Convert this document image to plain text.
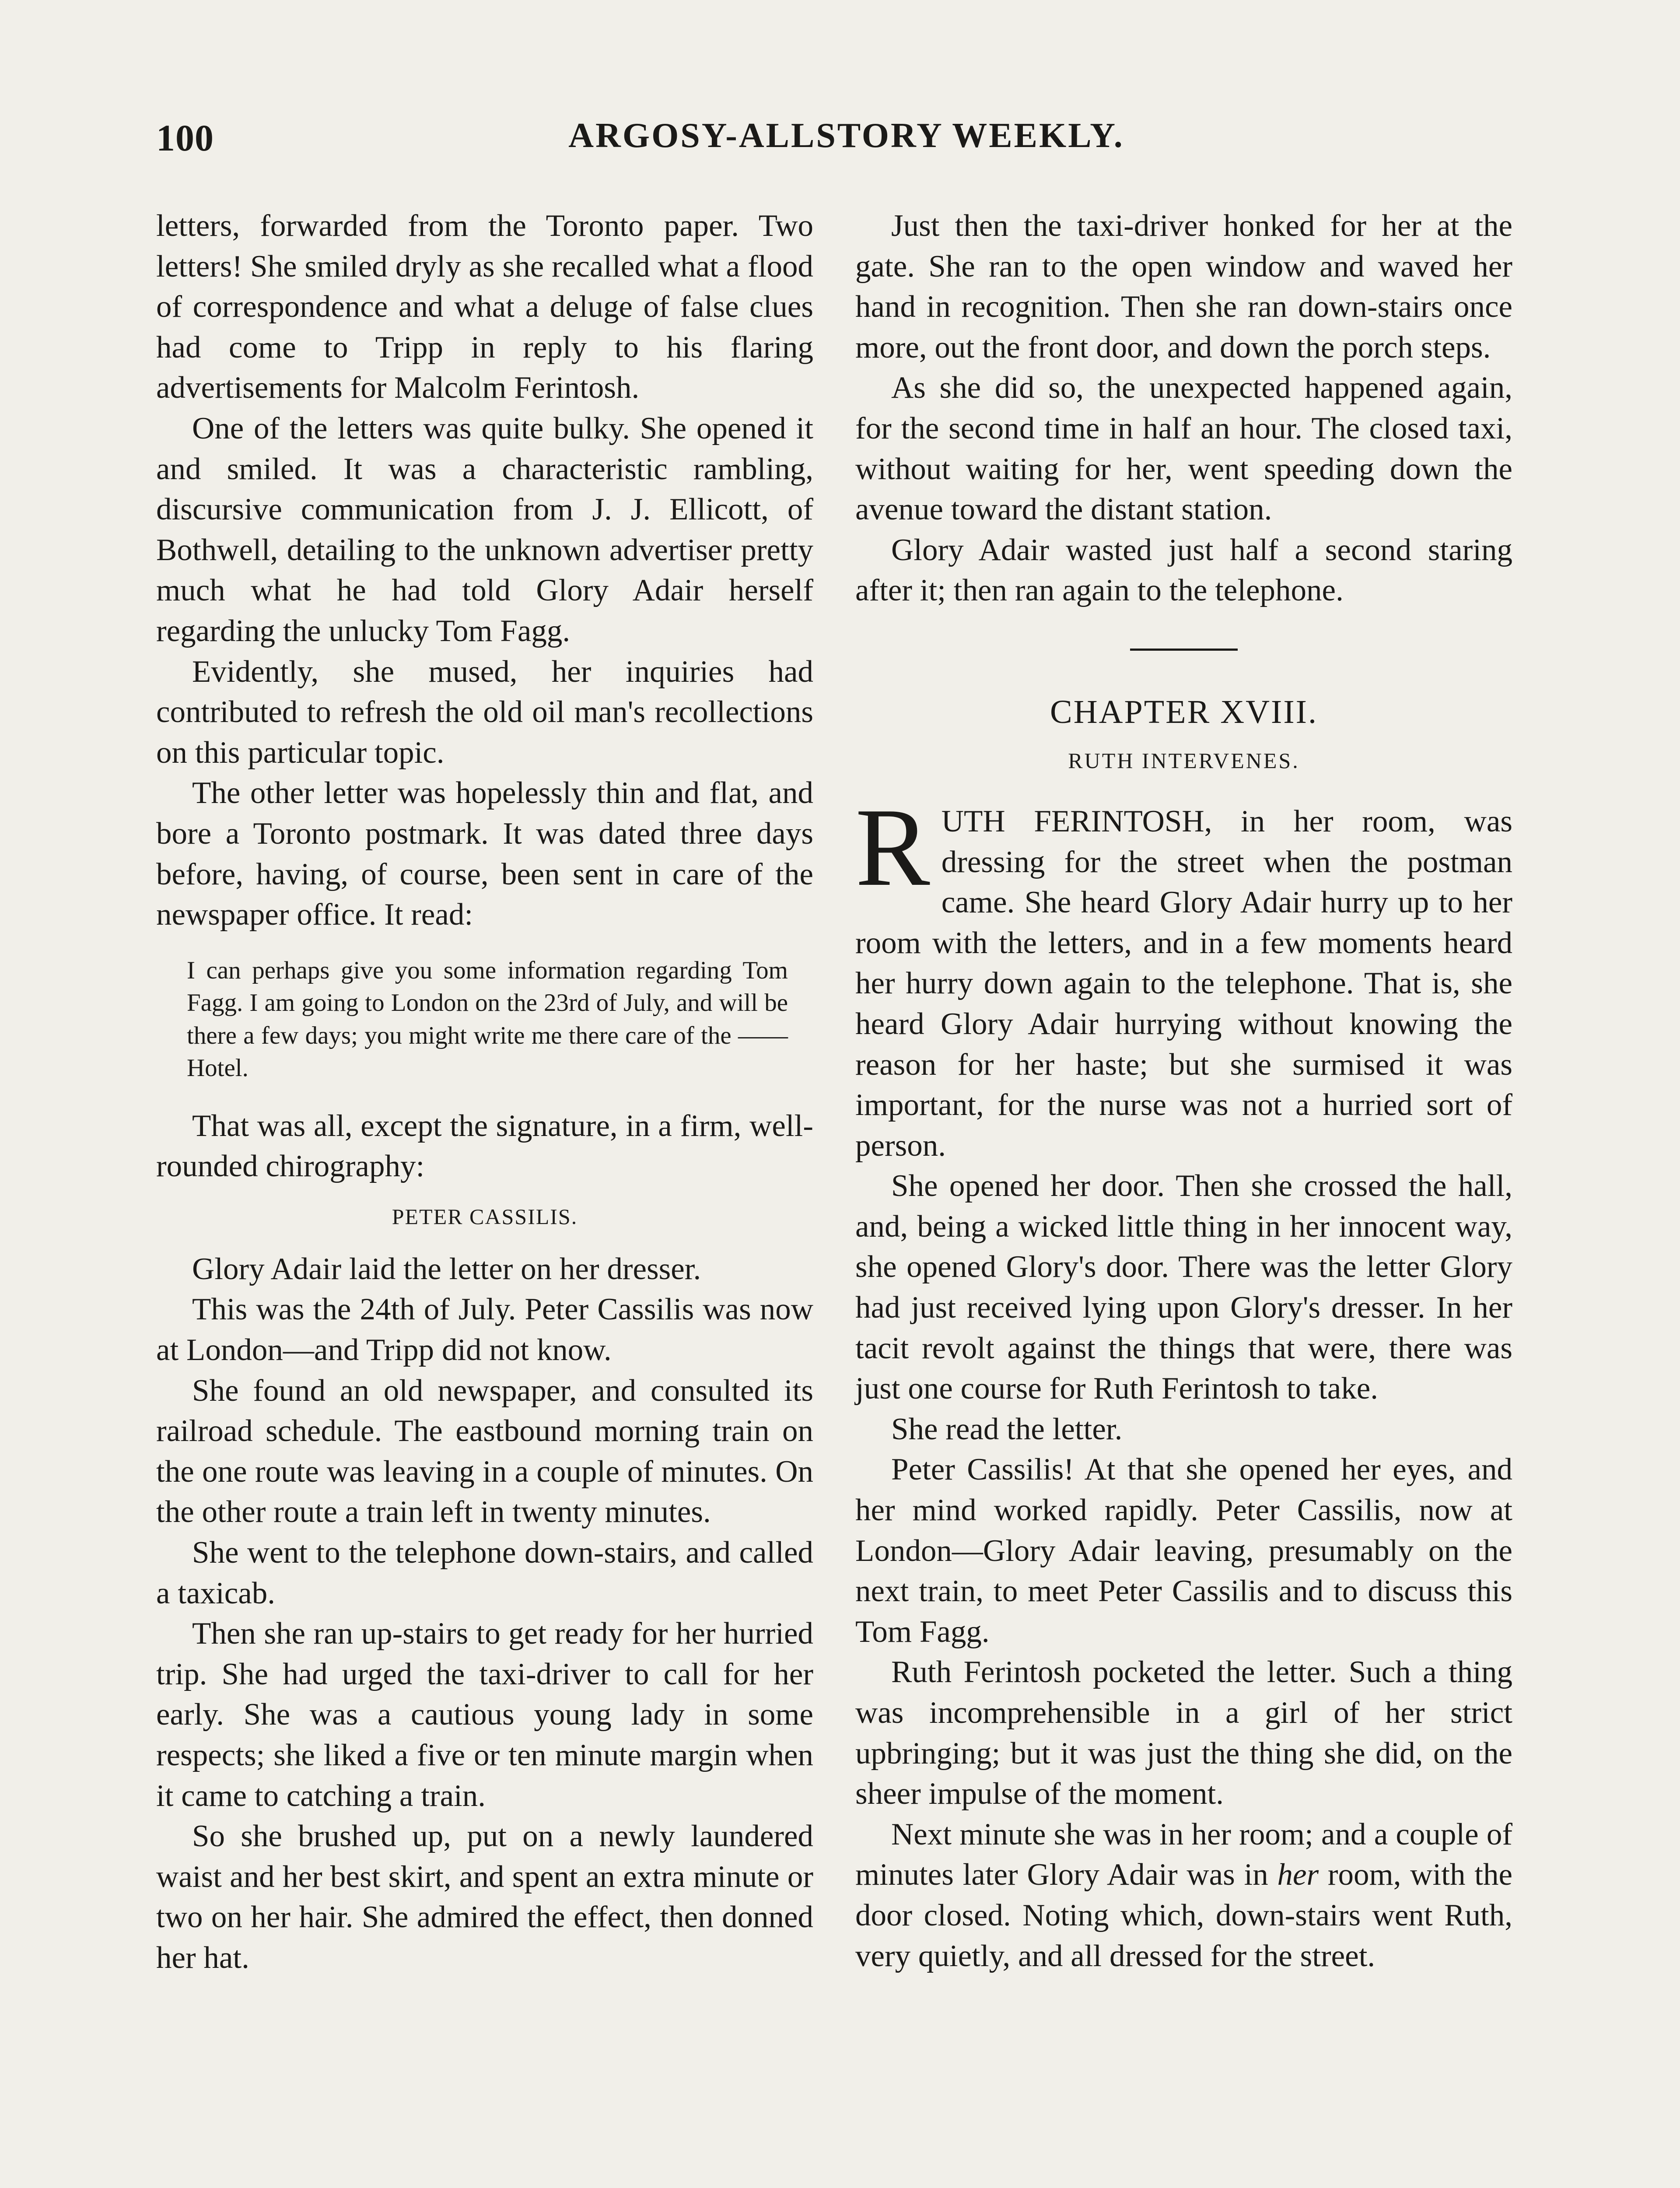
100	ARGOSY-ALLSTORY WEEKLY.

letters, forwarded from the Toronto paper. Two letters! She smiled dryly as she recalled what a flood of correspondence and what a deluge of false clues had come to Tripp in reply to his flaring advertisements for Malcolm Ferintosh.

One of the letters was quite bulky. She opened it and smiled. It was a characteristic rambling, discursive communication from J. J. Ellicott, of Bothwell, detailing to the unknown advertiser pretty much what he had told Glory Adair herself regarding the unlucky Tom Fagg.

Evidently, she mused, her inquiries had contributed to refresh the old oil man's recollections on this particular topic.

The other letter was hopelessly thin and flat, and bore a Toronto postmark. It was dated three days before, having, of course, been sent in care of the newspaper office. It read:

I can perhaps give you some information regarding Tom Fagg. I am going to London on the 23rd of July, and will be there a few days; you might write me there care of the —— Hotel.

That was all, except the signature, in a firm, well-rounded chirography:

PETER CASSILIS.

Glory Adair laid the letter on her dresser.

This was the 24th of July. Peter Cassilis was now at London—and Tripp did not know.

She found an old newspaper, and consulted its railroad schedule. The eastbound morning train on the one route was leaving in a couple of minutes. On the other route a train left in twenty minutes.

She went to the telephone down-stairs, and called a taxicab.

Then she ran up-stairs to get ready for her hurried trip. She had urged the taxi-driver to call for her early. She was a cautious young lady in some respects; she liked a five or ten minute margin when it came to catching a train.

So she brushed up, put on a newly laundered waist and her best skirt, and spent an extra minute or two on her hair. She admired the effect, then donned her hat.

Just then the taxi-driver honked for her at the gate. She ran to the open window and waved her hand in recognition. Then she ran down-stairs once more, out the front door, and down the porch steps.

As she did so, the unexpected happened again, for the second time in half an hour. The closed taxi, without waiting for her, went speeding down the avenue toward the distant station.

Glory Adair wasted just half a second staring after it; then ran again to the telephone.

CHAPTER XVIII.
RUTH INTERVENES.

RUTH FERINTOSH, in her room, was dressing for the street when the postman came. She heard Glory Adair hurry up to her room with the letters, and in a few moments heard her hurry down again to the telephone. That is, she heard Glory Adair hurrying without knowing the reason for her haste; but she surmised it was important, for the nurse was not a hurried sort of person.

She opened her door. Then she crossed the hall, and, being a wicked little thing in her innocent way, she opened Glory's door. There was the letter Glory had just received lying upon Glory's dresser. In her tacit revolt against the things that were, there was just one course for Ruth Ferintosh to take.

She read the letter.

Peter Cassilis! At that she opened her eyes, and her mind worked rapidly. Peter Cassilis, now at London—Glory Adair leaving, presumably on the next train, to meet Peter Cassilis and to discuss this Tom Fagg.

Ruth Ferintosh pocketed the letter. Such a thing was incomprehensible in a girl of her strict upbringing; but it was just the thing she did, on the sheer impulse of the moment.

Next minute she was in her room; and a couple of minutes later Glory Adair was in her room, with the door closed. Noting which, down-stairs went Ruth, very quietly, and all dressed for the street.
